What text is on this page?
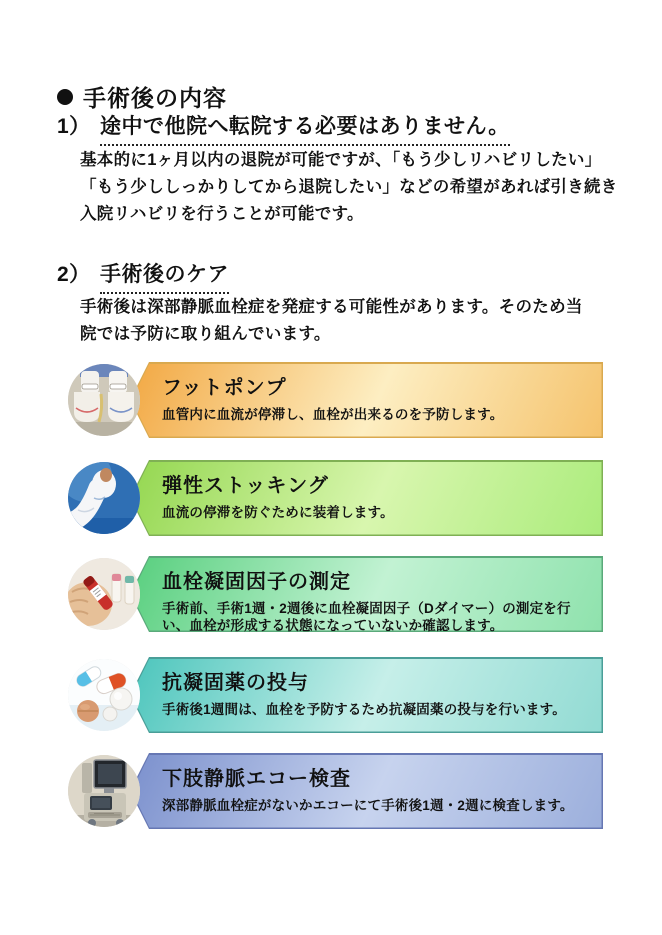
手術後の内容
1） 途中で他院へ転院する必要はありません。
基本的に1ヶ月以内の退院が可能ですが、「もう少しリハビリしたい」
「もう少ししっかりしてから退院したい」などの希望があれば引き続き
入院リハビリを行うことが可能です。
2） 手術後のケア
手術後は深部静脈血栓症を発症する可能性があります。そのため当
院では予防に取り組んでいます。
フットポンプ
血管内に血流が停滞し、血栓が出来るのを予防します。
弾性ストッキング
血流の停滞を防ぐために装着します。
血栓凝固因子の測定
手術前、手術1週・2週後に血栓凝固因子（Dダイマー）の測定を行
い、血栓が形成する状態になっていないか確認します。
抗凝固薬の投与
手術後1週間は、血栓を予防するため抗凝固薬の投与を行います。
下肢静脈エコー検査
深部静脈血栓症がないかエコーにて手術後1週・2週に検査します。
